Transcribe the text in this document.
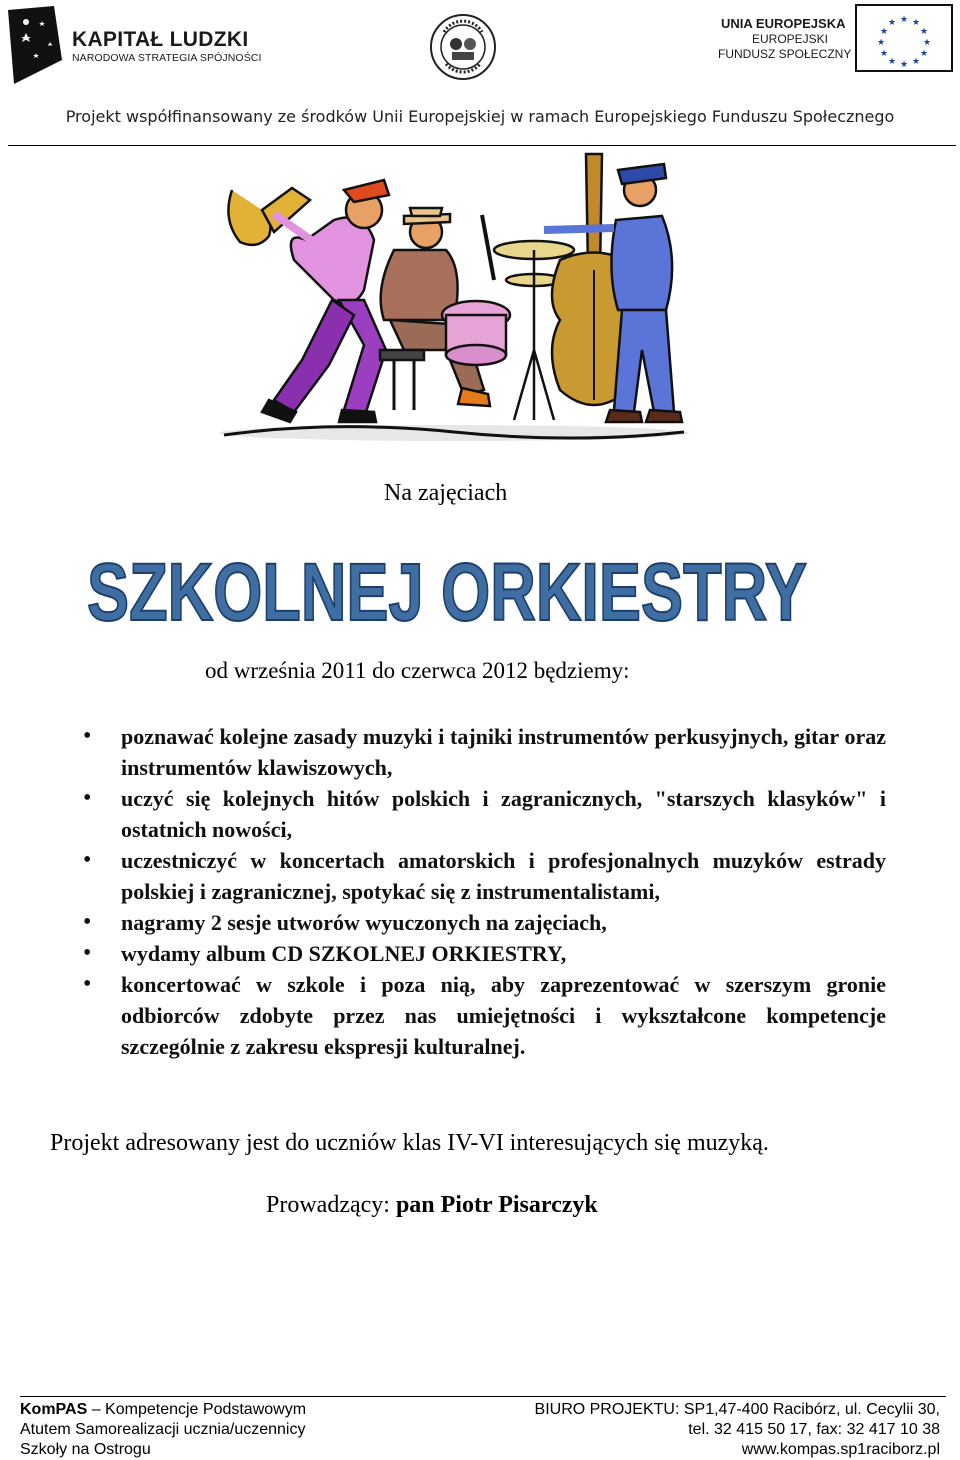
KAPITAŁ LUDZKI
NARODOWA STRATEGIA SPÓJNOŚCI
UNIA EUROPEJSKA
EUROPEJSKI
FUNDUSZ SPOŁECZNY
★ ★
★
★
★
★
★
★
★
★
★
★
Projekt współfinansowany ze środków Unii Europejskiej w ramach Europejskiego Funduszu Społecznego
Na zajęciach
SZKOLNEJ ORKIESTRY
od września 2011 do czerwca 2012 będziemy:
• poznawać kolejne zasady muzyki i tajniki instrumentów perkusyjnych, gitar oraz instrumentów klawiszowych,
• uczyć się kolejnych hitów polskich i zagranicznych, "starszych klasyków" i ostatnich nowości,
• uczestniczyć w koncertach amatorskich i profesjonalnych muzyków estrady polskiej i zagranicznej, spotykać się z instrumentalistami,
• nagramy 2 sesje utworów wyuczonych na zajęciach,
• wydamy album CD SZKOLNEJ ORKIESTRY,
• koncertować w szkole i poza nią, aby zaprezentować w szerszym gronie odbiorców zdobyte przez nas umiejętności i wykształcone kompetencje szczególnie z zakresu ekspresji kulturalnej.
Projekt adresowany jest do uczniów klas IV-VI interesujących się muzyką.
Prowadzący: pan Piotr Pisarczyk
KomPAS – Kompetencje Podstawowym
Atutem Samorealizacji ucznia/uczennicy
Szkoły na Ostrogu
BIURO PROJEKTU: SP1,47-400 Racibórz, ul. Cecylii 30,
tel. 32 415 50 17, fax: 32 417 10 38
www.kompas.sp1raciborz.pl
